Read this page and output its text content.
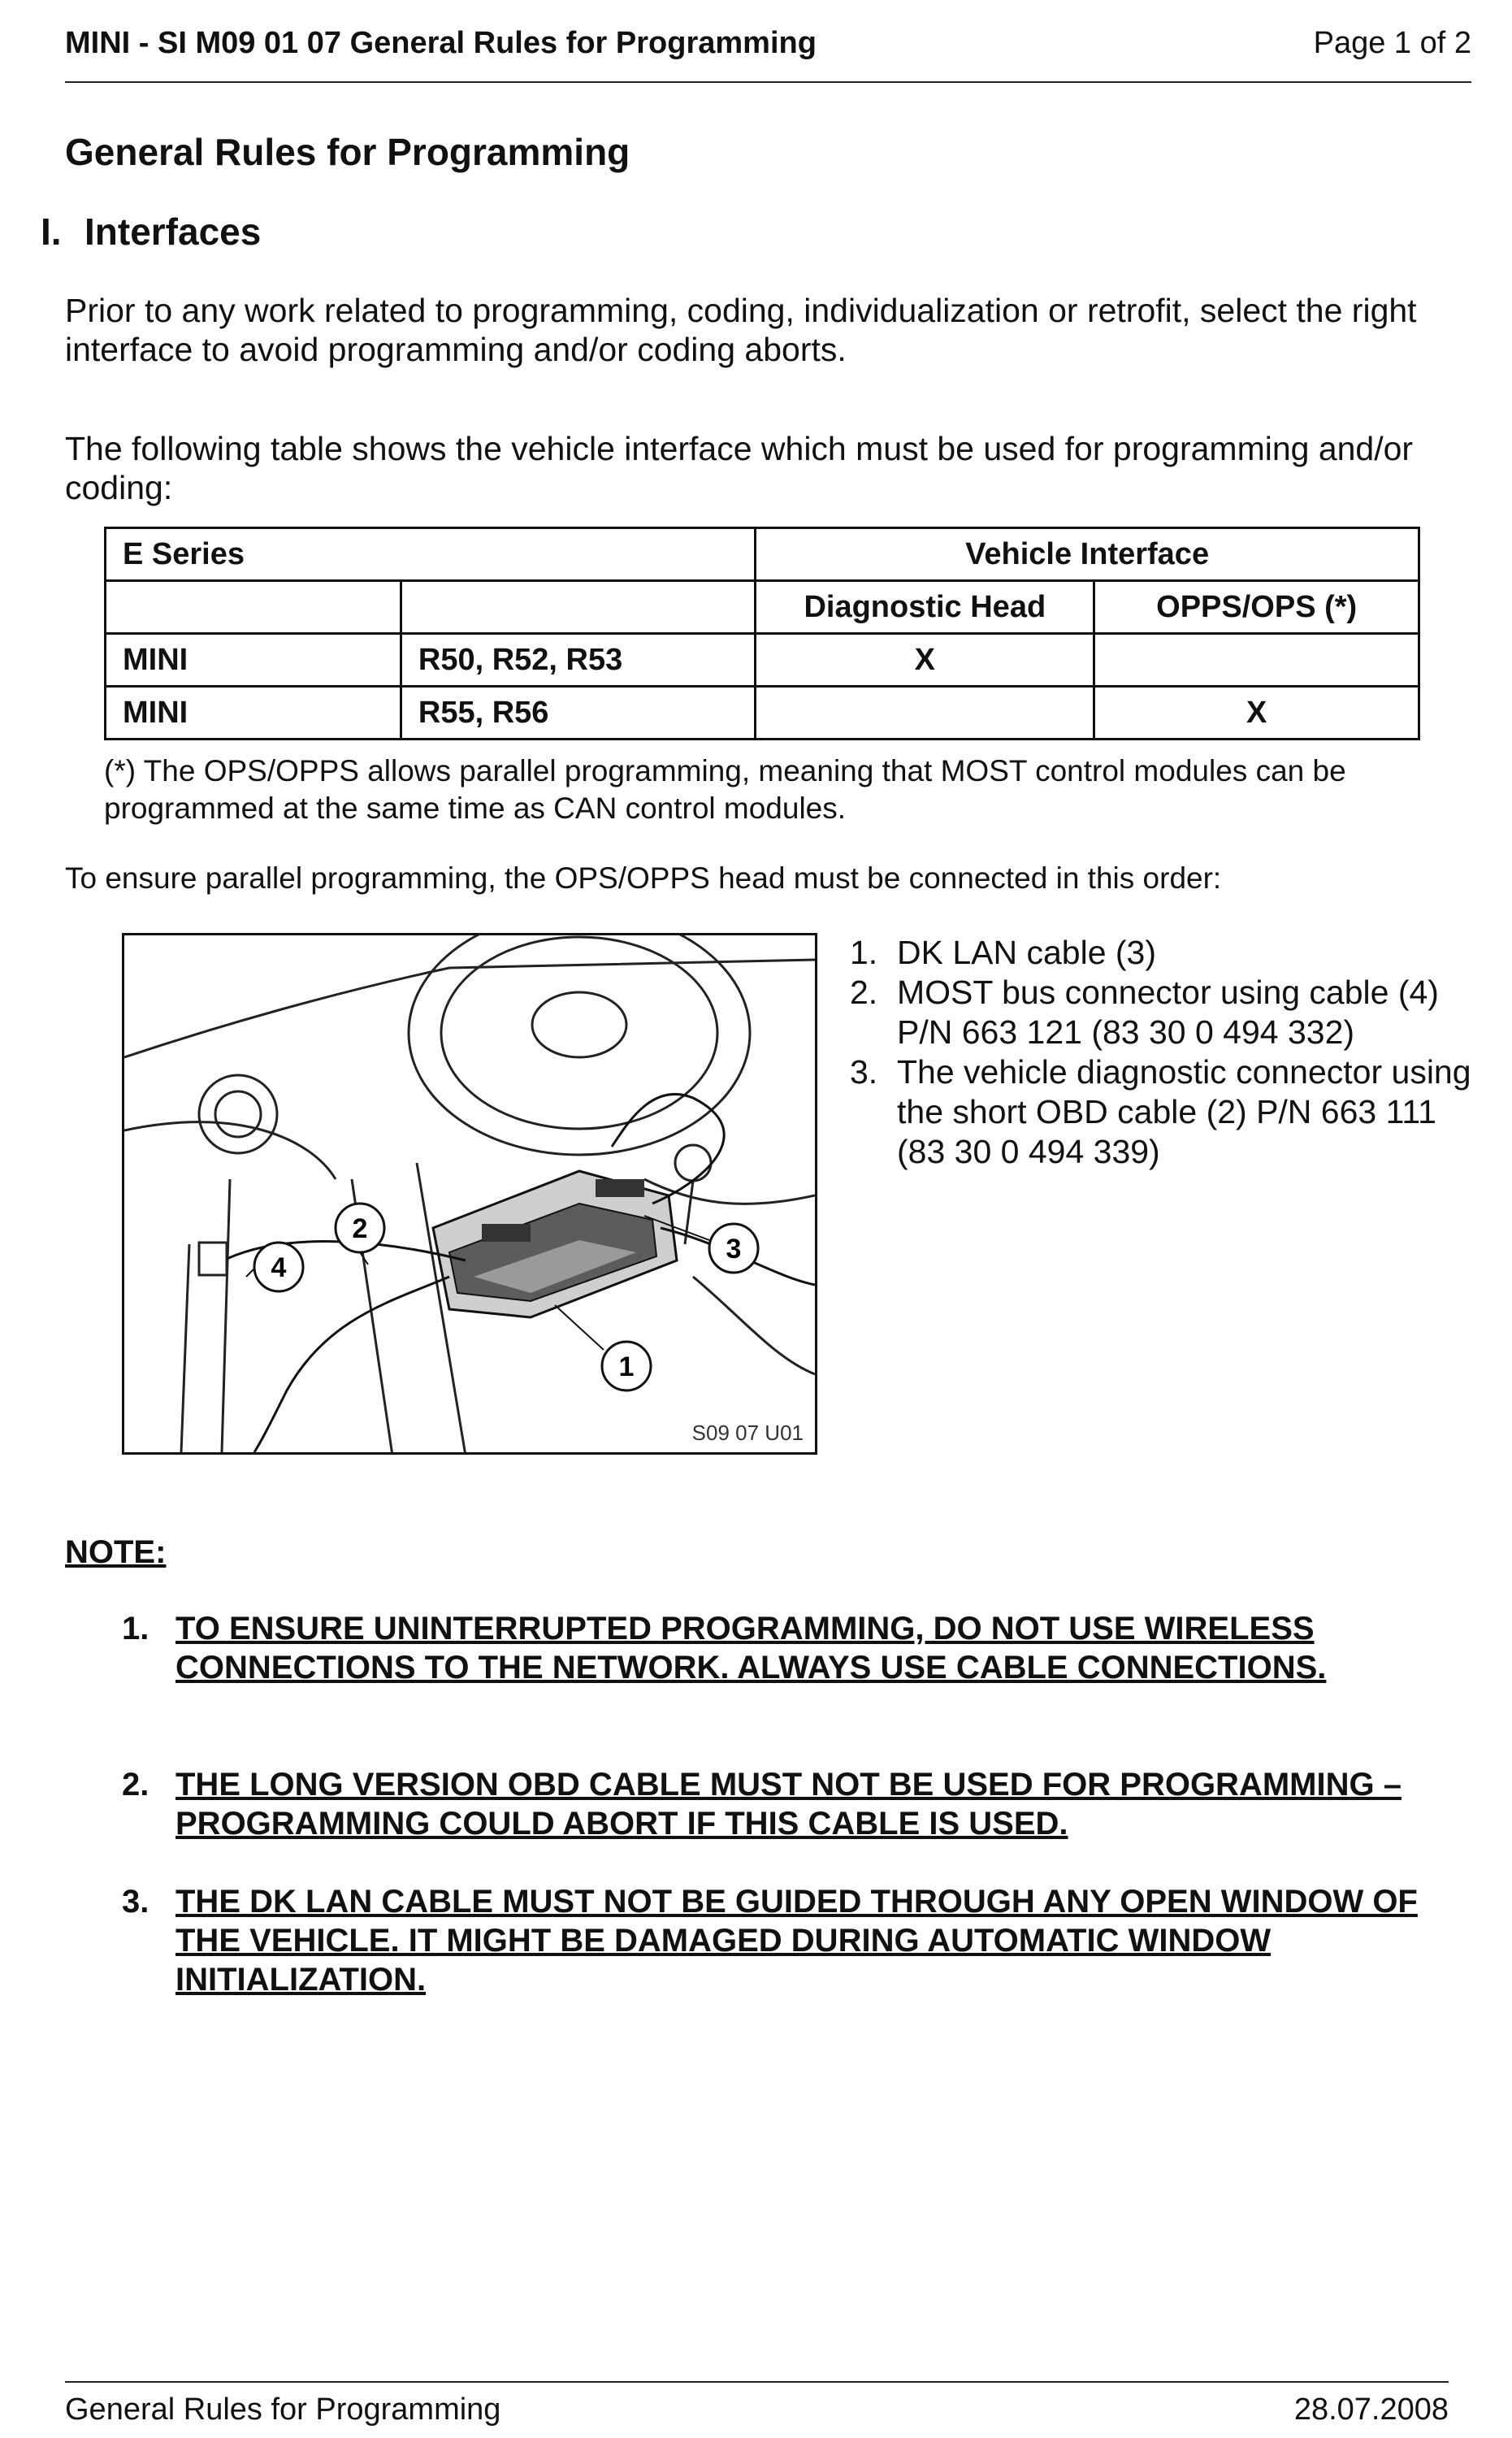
MINI - SI M09 01 07 General Rules for Programming	Page 1 of 2
General Rules for Programming
I. Interfaces
Prior to any work related to programming, coding, individualization or retrofit, select the right interface to avoid programming and/or coding aborts.
The following table shows the vehicle interface which must be used for programming and/or coding:
E Series		Vehicle Interface	
		Diagnostic Head	OPPS/OPS (*)
MINI	R50, R52, R53	X	
MINI	R55, R56		X
(*) The OPS/OPPS allows parallel programming, meaning that MOST control modules can be programmed at the same time as CAN control modules.
To ensure parallel programming, the OPS/OPPS head must be connected in this order:
1
2
3
4
S09 07 U01
1. DK LAN cable (3)
2. MOST bus connector using cable (4) P/N 663 121 (83 30 0 494 332)
3. The vehicle diagnostic connector using the short OBD cable (2) P/N 663 111 (83 30 0 494 339)
NOTE:
1. TO ENSURE UNINTERRUPTED PROGRAMMING, DO NOT USE WIRELESS CONNECTIONS TO THE NETWORK. ALWAYS USE CABLE CONNECTIONS.
2. THE LONG VERSION OBD CABLE MUST NOT BE USED FOR PROGRAMMING – PROGRAMMING COULD ABORT IF THIS CABLE IS USED.
3. THE DK LAN CABLE MUST NOT BE GUIDED THROUGH ANY OPEN WINDOW OF THE VEHICLE. IT MIGHT BE DAMAGED DURING AUTOMATIC WINDOW INITIALIZATION.
General Rules for Programming	28.07.2008
